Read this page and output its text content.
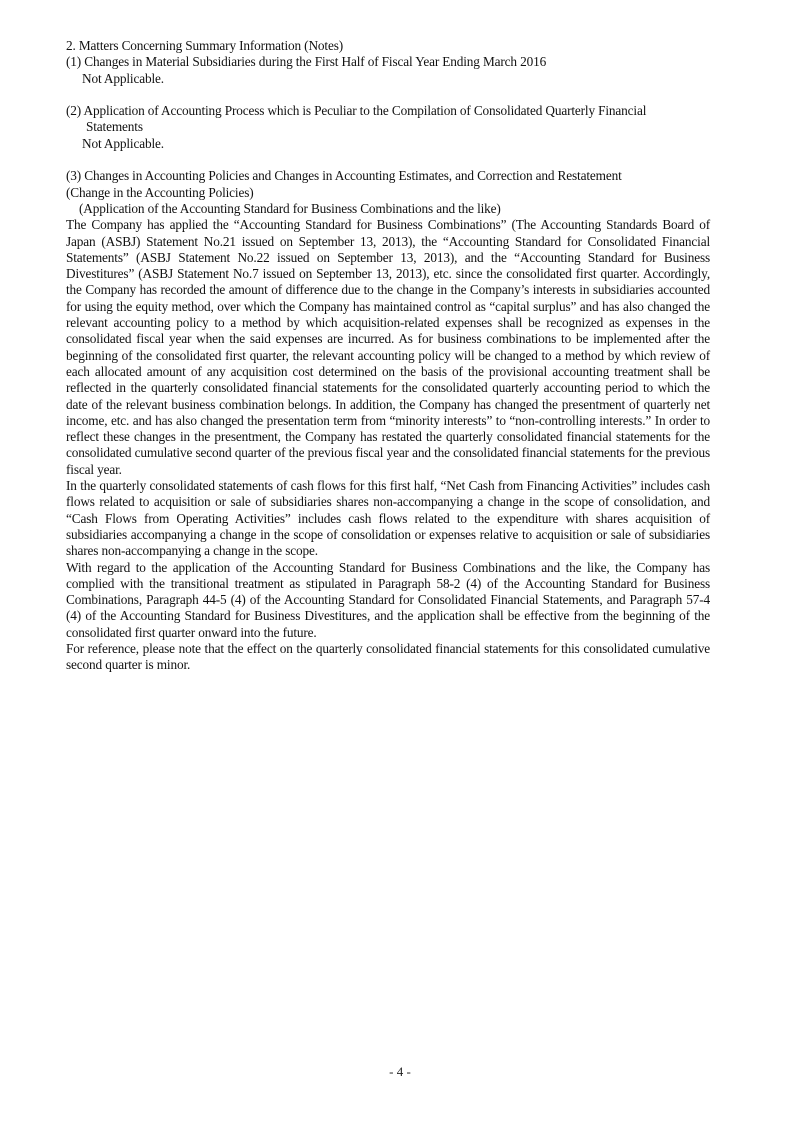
2. Matters Concerning Summary Information (Notes)
(1) Changes in Material Subsidiaries during the First Half of Fiscal Year Ending March 2016
Not Applicable.
(2) Application of Accounting Process which is Peculiar to the Compilation of Consolidated Quarterly Financial
Statements
Not Applicable.
(3) Changes in Accounting Policies and Changes in Accounting Estimates, and Correction and Restatement
(Change in the Accounting Policies)
(Application of the Accounting Standard for Business Combinations and the like)
The Company has applied the “Accounting Standard for Business Combinations” (The Accounting Standards Board of Japan (ASBJ) Statement No.21 issued on September 13, 2013), the “Accounting Standard for Consolidated Financial Statements” (ASBJ Statement No.22 issued on September 13, 2013), and the “Accounting Standard for Business Divestitures” (ASBJ Statement No.7 issued on September 13, 2013), etc. since the consolidated first quarter. Accordingly, the Company has recorded the amount of difference due to the change in the Company’s interests in subsidiaries accounted for using the equity method, over which the Company has maintained control as “capital surplus” and has also changed the relevant accounting policy to a method by which acquisition-related expenses shall be recognized as expenses in the consolidated fiscal year when the said expenses are incurred. As for business combinations to be implemented after the beginning of the consolidated first quarter, the relevant accounting policy will be changed to a method by which review of each allocated amount of any acquisition cost determined on the basis of the provisional accounting treatment shall be reflected in the quarterly consolidated financial statements for the consolidated quarterly accounting period to which the date of the relevant business combination belongs. In addition, the Company has changed the presentment of quarterly net income, etc. and has also changed the presentation term from “minority interests” to “non-controlling interests.” In order to reflect these changes in the presentment, the Company has restated the quarterly consolidated financial statements for the consolidated cumulative second quarter of the previous fiscal year and the consolidated financial statements for the previous fiscal year.
In the quarterly consolidated statements of cash flows for this first half, “Net Cash from Financing Activities” includes cash flows related to acquisition or sale of subsidiaries shares non-accompanying a change in the scope of consolidation, and “Cash Flows from Operating Activities” includes cash flows related to the expenditure with shares acquisition of subsidiaries accompanying a change in the scope of consolidation or expenses relative to acquisition or sale of subsidiaries shares non-accompanying a change in the scope.
With regard to the application of the Accounting Standard for Business Combinations and the like, the Company has complied with the transitional treatment as stipulated in Paragraph 58-2 (4) of the Accounting Standard for Business Combinations, Paragraph 44-5 (4) of the Accounting Standard for Consolidated Financial Statements, and Paragraph 57-4 (4) of the Accounting Standard for Business Divestitures, and the application shall be effective from the beginning of the consolidated first quarter onward into the future.
For reference, please note that the effect on the quarterly consolidated financial statements for this consolidated cumulative second quarter is minor.
- 4 -
